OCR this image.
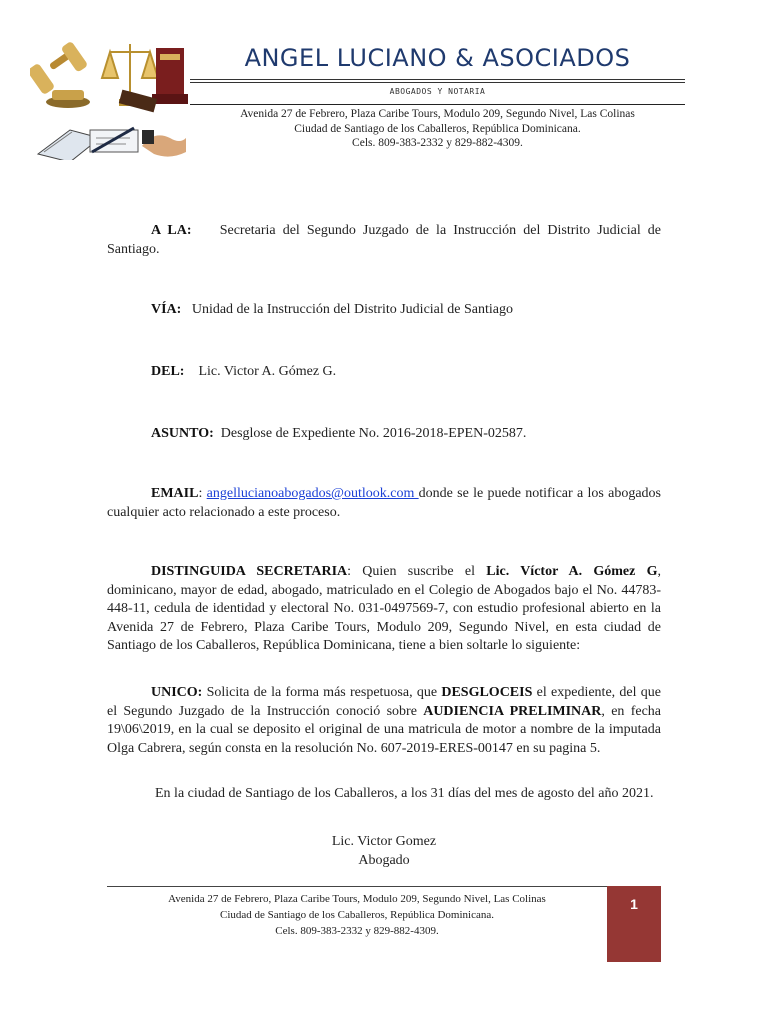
ANGEL LUCIANO & ASOCIADOS
ABOGADOS Y NOTARIA
Avenida 27 de Febrero, Plaza Caribe Tours, Modulo 209, Segundo Nivel, Las Colinas
Ciudad de Santiago de los Caballeros, República Dominicana.
Cels. 809-383-2332 y 829-882-4309.
A LA: Secretaria del Segundo Juzgado de la Instrucción del Distrito Judicial de Santiago.
VÍA: Unidad de la Instrucción del Distrito Judicial de Santiago
DEL: Lic. Victor A. Gómez G.
ASUNTO: Desglose de Expediente No. 2016-2018-EPEN-02587.
EMAIL: angellucianoabogados@outlook.com donde se le puede notificar a los abogados cualquier acto relacionado a este proceso.
DISTINGUIDA SECRETARIA: Quien suscribe el Lic. Víctor A. Gómez G, dominicano, mayor de edad, abogado, matriculado en el Colegio de Abogados bajo el No. 44783-448-11, cedula de identidad y electoral No. 031-0497569-7, con estudio profesional abierto en la Avenida 27 de Febrero, Plaza Caribe Tours, Modulo 209, Segundo Nivel, en esta ciudad de Santiago de los Caballeros, República Dominicana, tiene a bien soltarle lo siguiente:
UNICO: Solicita de la forma más respetuosa, que DESGLOCEIS el expediente, del que el Segundo Juzgado de la Instrucción conoció sobre AUDIENCIA PRELIMINAR, en fecha 19\06\2019, en la cual se deposito el original de una matricula de motor a nombre de la imputada Olga Cabrera, según consta en la resolución No. 607-2019-ERES-00147 en su pagina 5.
En la ciudad de Santiago de los Caballeros, a los 31 días del mes de agosto del año 2021.
Lic. Victor Gomez
Abogado
Avenida 27 de Febrero, Plaza Caribe Tours, Modulo 209, Segundo Nivel, Las Colinas
Ciudad de Santiago de los Caballeros, República Dominicana.
Cels. 809-383-2332 y 829-882-4309.
1
